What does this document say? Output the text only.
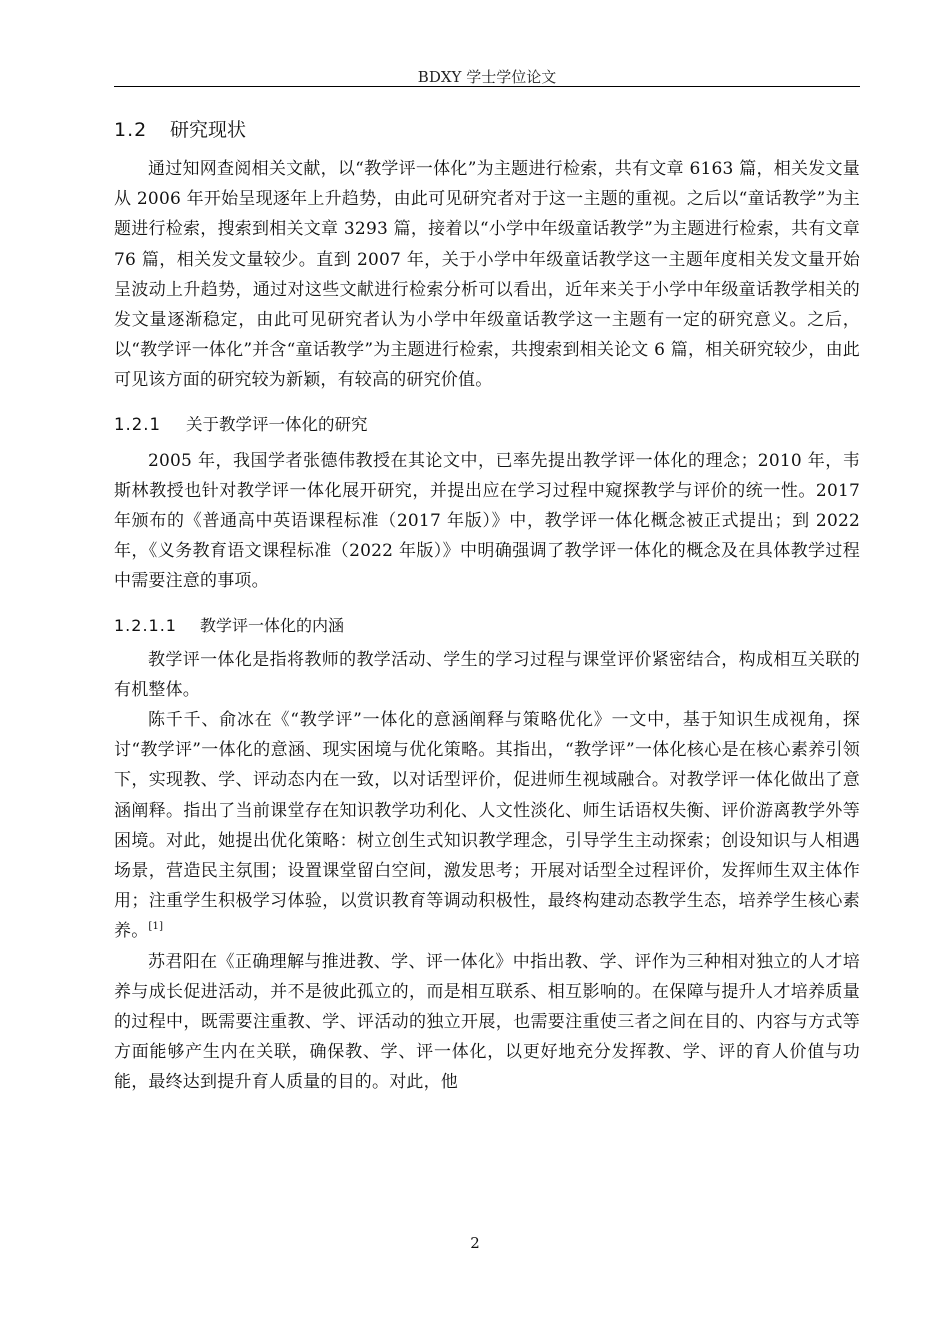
BDXY 学士学位论文
1.2 研究现状

通过知网查阅相关文献，以“教学评一体化”为主题进行检索，共有文章 6163 篇，相关发文量从 2006 年开始呈现逐年上升趋势，由此可见研究者对于这一主题的重视。之后以“童话教学”为主题进行检索，搜索到相关文章 3293 篇，接着以“小学中年级童话教学”为主题进行检索，共有文章 76 篇，相关发文量较少。直到 2007 年，关于小学中年级童话教学这一主题年度相关发文量开始呈波动上升趋势，通过对这些文献进行检索分析可以看出，近年来关于小学中年级童话教学相关的发文量逐渐稳定，由此可见研究者认为小学中年级童话教学这一主题有一定的研究意义。之后，以“教学评一体化”并含“童话教学”为主题进行检索，共搜索到相关论文 6 篇，相关研究较少，由此可见该方面的研究较为新颖，有较高的研究价值。

1.2.1 关于教学评一体化的研究

2005 年，我国学者张德伟教授在其论文中，已率先提出教学评一体化的理念；2010 年，韦斯林教授也针对教学评一体化展开研究，并提出应在学习过程中窥探教学与评价的统一性。2017 年颁布的《普通高中英语课程标准（2017 年版）》中，教学评一体化概念被正式提出；到 2022 年，《义务教育语文课程标准（2022 年版）》中明确强调了教学评一体化的概念及在具体教学过程中需要注意的事项。

1.2.1.1 教学评一体化的内涵

教学评一体化是指将教师的教学活动、学生的学习过程与课堂评价紧密结合，构成相互关联的有机整体。

陈千千、俞冰在《“教学评”一体化的意涵阐释与策略优化》一文中，基于知识生成视角，探讨“教学评”一体化的意涵、现实困境与优化策略。其指出，“教学评”一体化核心是在核心素养引领下，实现教、学、评动态内在一致，以对话型评价，促进师生视域融合。对教学评一体化做出了意涵阐释。指出了当前课堂存在知识教学功利化、人文性淡化、师生话语权失衡、评价游离教学外等困境。对此，她提出优化策略：树立创生式知识教学理念，引导学生主动探索；创设知识与人相遇场景，营造民主氛围；设置课堂留白空间，激发思考；开展对话型全过程评价，发挥师生双主体作用；注重学生积极学习体验，以赏识教育等调动积极性，最终构建动态教学生态，培养学生核心素养。[1]

苏君阳在《正确理解与推进教、学、评一体化》中指出教、学、评作为三种相对独立的人才培养与成长促进活动，并不是彼此孤立的，而是相互联系、相互影响的。在保障与提升人才培养质量的过程中，既需要注重教、学、评活动的独立开展，也需要注重使三者之间在目的、内容与方式等方面能够产生内在关联，确保教、学、评一体化，以更好地充分发挥教、学、评的育人价值与功能，最终达到提升育人质量的目的。对此，他

2
